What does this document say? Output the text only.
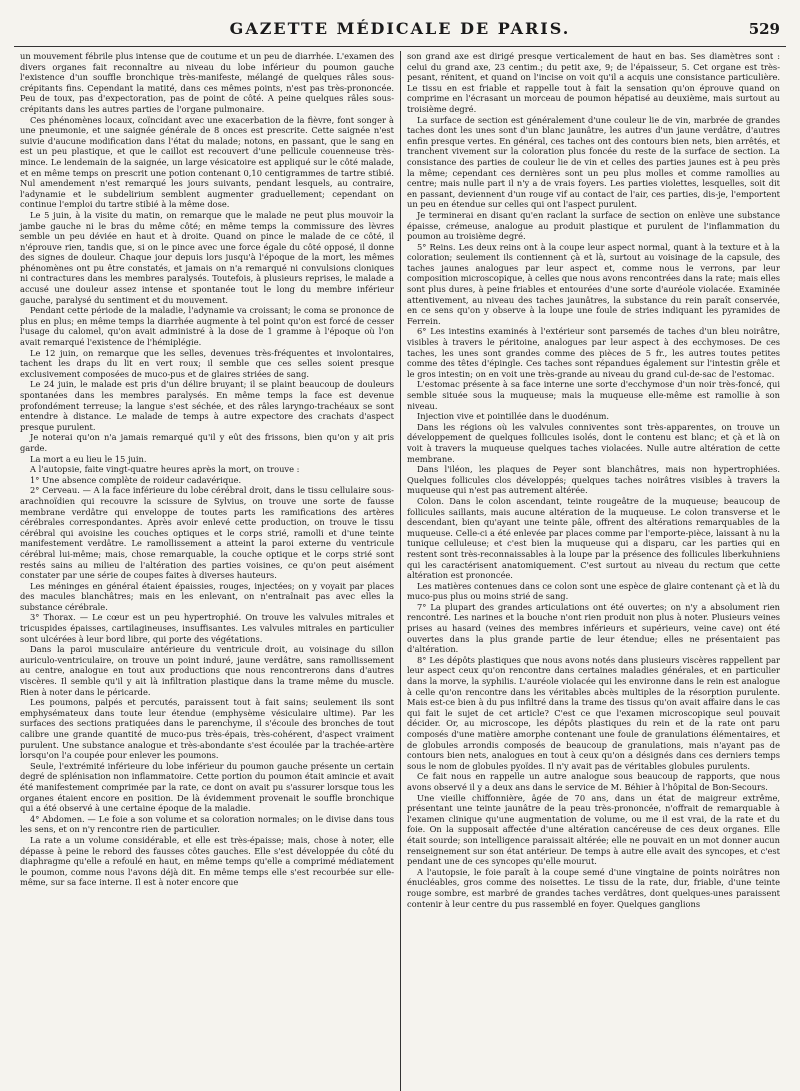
GAZETTE MÉDICALE DE PARIS.	529

un mouvement fébrile plus intense que de coutume et un peu de diarrhée. L'examen des divers organes fait reconnaître au niveau du lobe inférieur du poumon gauche l'existence d'un souffle bronchique très-manifeste, mélangé de quelques râles sous-crépitants fins. Cependant la matité, dans ces mêmes points, n'est pas très-prononcée. Peu de toux, pas d'expectoration, pas de point de côté. A peine quelques râles sous-crépitants dans les autres parties de l'organe pulmonaire.

Ces phénomènes locaux, coïncidant avec une exacerbation de la fièvre, font songer à une pneumonie, et une saignée générale de 8 onces est prescrite. Cette saignée n'est suivie d'aucune modification dans l'état du malade; notons, en passant, que le sang en est un peu plastique, et que le caillot est recouvert d'une pellicule couenneuse très-mince. Le lendemain de la saignée, un large vésicatoire est appliqué sur le côté malade, et en même temps on prescrit une potion contenant 0,10 centigrammes de tartre stibié. Nul amendement n'est remarqué les jours suivants, pendant lesquels, au contraire, l'adynamie et le subdelirium semblent augmenter graduellement; cependant on continue l'emploi du tartre stibié à la même dose.

Le 5 juin, à la visite du matin, on remarque que le malade ne peut plus mouvoir la jambe gauche ni le bras du même côté; en même temps la commissure des lèvres semble un peu déviée en haut et à droite. Quand on pince le malade de ce côté, il n'éprouve rien, tandis que, si on le pince avec une force égale du côté opposé, il donne des signes de douleur. Chaque jour depuis lors jusqu'à l'époque de la mort, les mêmes phénomènes ont pu être constatés, et jamais on n'a remarqué ni convulsions cloniques ni contractures dans les membres paralysés. Toutefois, à plusieurs reprises, le malade a accusé une douleur assez intense et spontanée tout le long du membre inférieur gauche, paralysé du sentiment et du mouvement.

Pendant cette période de la maladie, l'adynamie va croissant; le coma se prononce de plus en plus; en même temps la diarrhée augmente à tel point qu'on est forcé de cesser l'usage du calomel, qu'on avait administré à la dose de 1 gramme à l'époque où l'on avait remarqué l'existence de l'hémiplégie.

Le 12 juin, on remarque que les selles, devenues très-fréquentes et involontaires, tachent les draps du lit en vert roux; il semble que ces selles soient presque exclusivement composées de muco-pus et de glaires striées de sang.

Le 24 juin, le malade est pris d'un délire bruyant; il se plaint beaucoup de douleurs spontanées dans les membres paralysés. En même temps la face est devenue profondément terreuse; la langue s'est séchée, et des râles laryngo-trachéaux se sont entendre à distance. Le malade de temps à autre expectore des crachats d'aspect presque purulent.

Je noterai qu'on n'a jamais remarqué qu'il y eût des frissons, bien qu'on y ait pris garde.

La mort a eu lieu le 15 juin.

A l'autopsie, faite vingt-quatre heures après la mort, on trouve :

1° Une absence complète de roideur cadavérique.

2° Cerveau. — A la face inférieure du lobe cérébral droit, dans le tissu cellulaire sous-arachnoïdien qui recouvre la scissure de Sylvius, on trouve une sorte de fausse membrane verdâtre qui enveloppe de toutes parts les ramifications des artères cérébrales correspondantes. Après avoir enlevé cette production, on trouve le tissu cérébral qui avoisine les couches optiques et le corps strié, ramolli et d'une teinte manifestement verdâtre. Le ramollissement a atteint la paroi externe du ventricule cérébral lui-même; mais, chose remarquable, la couche optique et le corps strié sont restés sains au milieu de l'altération des parties voisines, ce qu'on peut aisément constater par une série de coupes faites à diverses hauteurs.

Les méninges en général étaient épaissies, rouges, injectées; on y voyait par places des macules blanchâtres; mais en les enlevant, on n'entraînait pas avec elles la substance cérébrale.

3° Thorax. — Le cœur est un peu hypertrophié. On trouve les valvules mitrales et tricuspides épaisses, cartilagineuses, insuffisantes. Les valvules mitrales en particulier sont ulcérées à leur bord libre, qui porte des végétations.

Dans la paroi musculaire antérieure du ventricule droit, au voisinage du sillon auriculo-ventriculaire, on trouve un point induré, jaune verdâtre, sans ramollissement au centre, analogue en tout aux productions que nous rencontrerons dans d'autres viscères. Il semble qu'il y ait là infiltration plastique dans la trame même du muscle. Rien à noter dans le péricarde.

Les poumons, palpés et percutés, paraissent tout à fait sains; seulement ils sont emphysémateux dans toute leur étendue (emphysème vésiculaire ultime). Par les surfaces des sections pratiquées dans le parenchyme, il s'écoule des bronches de tout calibre une grande quantité de muco-pus très-épais, très-cohérent, d'aspect vraiment purulent. Une substance analogue et très-abondante s'est écoulée par la trachée-artère lorsqu'on l'a coupée pour enlever les poumons.

Seule, l'extrémité inférieure du lobe inférieur du poumon gauche présente un certain degré de splénisation non inflammatoire. Cette portion du poumon était amincie et avait été manifestement comprimée par la rate, ce dont on avait pu s'assurer lorsque tous les organes étaient encore en position. De là évidemment provenait le souffle bronchique qui a été observé à une certaine époque de la maladie.

4° Abdomen. — Le foie a son volume et sa coloration normales; on le divise dans tous les sens, et on n'y rencontre rien de particulier.

La rate a un volume considérable, et elle est très-épaisse; mais, chose à noter, elle dépasse à peine le rebord des fausses côtes gauches. Elle s'est développée du côté du diaphragme qu'elle a refoulé en haut, en même temps qu'elle a comprimé médiatement le poumon, comme nous l'avons déjà dit. En même temps elle s'est recourbée sur elle-même, sur sa face interne. Il est à noter encore que

son grand axe est dirigé presque verticalement de haut en bas. Ses diamètres sont : celui du grand axe, 23 centim.; du petit axe, 9; de l'épaisseur, 5. Cet organe est très-pesant, rénitent, et quand on l'incise on voit qu'il a acquis une consistance particulière. Le tissu en est friable et rappelle tout à fait la sensation qu'on éprouve quand on comprime en l'écrasant un morceau de poumon hépatisé au deuxième, mais surtout au troisième degré.

La surface de section est généralement d'une couleur lie de vin, marbrée de grandes taches dont les unes sont d'un blanc jaunâtre, les autres d'un jaune verdâtre, d'autres enfin presque vertes. En général, ces taches ont des contours bien nets, bien arrêtés, et tranchent vivement sur la coloration plus foncée du reste de la surface de section. La consistance des parties de couleur lie de vin et celles des parties jaunes est à peu près la même; cependant ces dernières sont un peu plus molles et comme ramollies au centre; mais nulle part il n'y a de vrais foyers. Les parties violettes, lesquelles, soit dit en passant, deviennent d'un rouge vif au contact de l'air, ces parties, dis-je, l'emportent un peu en étendue sur celles qui ont l'aspect purulent.

Je terminerai en disant qu'en raclant la surface de section on enlève une substance épaisse, crémeuse, analogue au produit plastique et purulent de l'inflammation du poumon au troisième degré.

5° Reins. Les deux reins ont à la coupe leur aspect normal, quant à la texture et à la coloration; seulement ils contiennent çà et là, surtout au voisinage de la capsule, des taches jaunes analogues par leur aspect et, comme nous le verrons, par leur composition microscopique, à celles que nous avons rencontrées dans la rate; mais elles sont plus dures, à peine friables et entourées d'une sorte d'auréole violacée. Examinée attentivement, au niveau des taches jaunâtres, la substance du rein paraît conservée, en ce sens qu'on y observe à la loupe une foule de stries indiquant les pyramides de Ferrein.

6° Les intestins examinés à l'extérieur sont parsemés de taches d'un bleu noirâtre, visibles à travers le péritoine, analogues par leur aspect à des ecchymoses. De ces taches, les unes sont grandes comme des pièces de 5 fr., les autres toutes petites comme des têtes d'épingle. Ces taches sont répandues également sur l'intestin grêle et le gros intestin; on en voit une très-grande au niveau du grand cul-de-sac de l'estomac.

L'estomac présente à sa face interne une sorte d'ecchymose d'un noir très-foncé, qui semble située sous la muqueuse; mais la muqueuse elle-même est ramollie à son niveau.

Injection vive et pointillée dans le duodénum.

Dans les régions où les valvules conniventes sont très-apparentes, on trouve un développement de quelques follicules isolés, dont le contenu est blanc; et çà et là on voit à travers la muqueuse quelques taches violacées. Nulle autre altération de cette membrane.

Dans l'iléon, les plaques de Peyer sont blanchâtres, mais non hypertrophiées. Quelques follicules clos développés; quelques taches noirâtres visibles à travers la muqueuse qui n'est pas autrement altérée.

Colon. Dans le colon ascendant, teinte rougeâtre de la muqueuse; beaucoup de follicules saillants, mais aucune altération de la muqueuse. Le colon transverse et le descendant, bien qu'ayant une teinte pâle, offrent des altérations remarquables de la muqueuse. Celle-ci a été enlevée par places comme par l'emporte-pièce, laissant à nu la tunique celluleuse; et c'est bien la muqueuse qui a disparu, car les parties qui en restent sont très-reconnaissables à la loupe par la présence des follicules liberkuhniens qui les caractérisent anatomiquement. C'est surtout au niveau du rectum que cette altération est prononcée.

Les matières contenues dans ce colon sont une espèce de glaire contenant çà et là du muco-pus plus ou moins strié de sang.

7° La plupart des grandes articulations ont été ouvertes; on n'y a absolument rien rencontré. Les narines et la bouche n'ont rien produit non plus à noter. Plusieurs veines prises au hasard (veines des membres inférieurs et supérieurs, veine cave) ont été ouvertes dans la plus grande partie de leur étendue; elles ne présentaient pas d'altération.

8° Les dépôts plastiques que nous avons notés dans plusieurs viscères rappellent par leur aspect ceux qu'on rencontre dans certaines maladies générales, et en particulier dans la morve, la syphilis. L'auréole violacée qui les environne dans le rein est analogue à celle qu'on rencontre dans les véritables abcès multiples de la résorption purulente. Mais est-ce bien à du pus infiltré dans la trame des tissus qu'on avait affaire dans le cas qui fait le sujet de cet article? C'est ce que l'examen microscopique seul pouvait décider. Or, au microscope, les dépôts plastiques du rein et de la rate ont paru composés d'une matière amorphe contenant une foule de granulations élémentaires, et de globules arrondis composés de beaucoup de granulations, mais n'ayant pas de contours bien nets, analogues en tout à ceux qu'on a désignés dans ces derniers temps sous le nom de globules pyoïdes. Il n'y avait pas de véritables globules purulents.

Ce fait nous en rappelle un autre analogue sous beaucoup de rapports, que nous avons observé il y a deux ans dans le service de M. Béhier à l'hôpital de Bon-Secours.

Une vieille chiffonnière, âgée de 70 ans, dans un état de maigreur extrême, présentant une teinte jaunâtre de la peau très-prononcée, n'offrait de remarquable à l'examen clinique qu'une augmentation de volume, ou me il est vrai, de la rate et du foie. On la supposait affectée d'une altération cancéreuse de ces deux organes. Elle était sourde; son intelligence paraissait altérée; elle ne pouvait en un mot donner aucun renseignement sur son état antérieur. De temps à autre elle avait des syncopes, et c'est pendant une de ces syncopes qu'elle mourut.

A l'autopsie, le foie paraît à la coupe semé d'une vingtaine de points noirâtres non énucléables, gros comme des noisettes. Le tissu de la rate, dur, friable, d'une teinte rouge sombre, est marbré de grandes taches verdâtres, dont quelques-unes paraissent contenir à leur centre du pus rassemblé en foyer. Quelques ganglions
